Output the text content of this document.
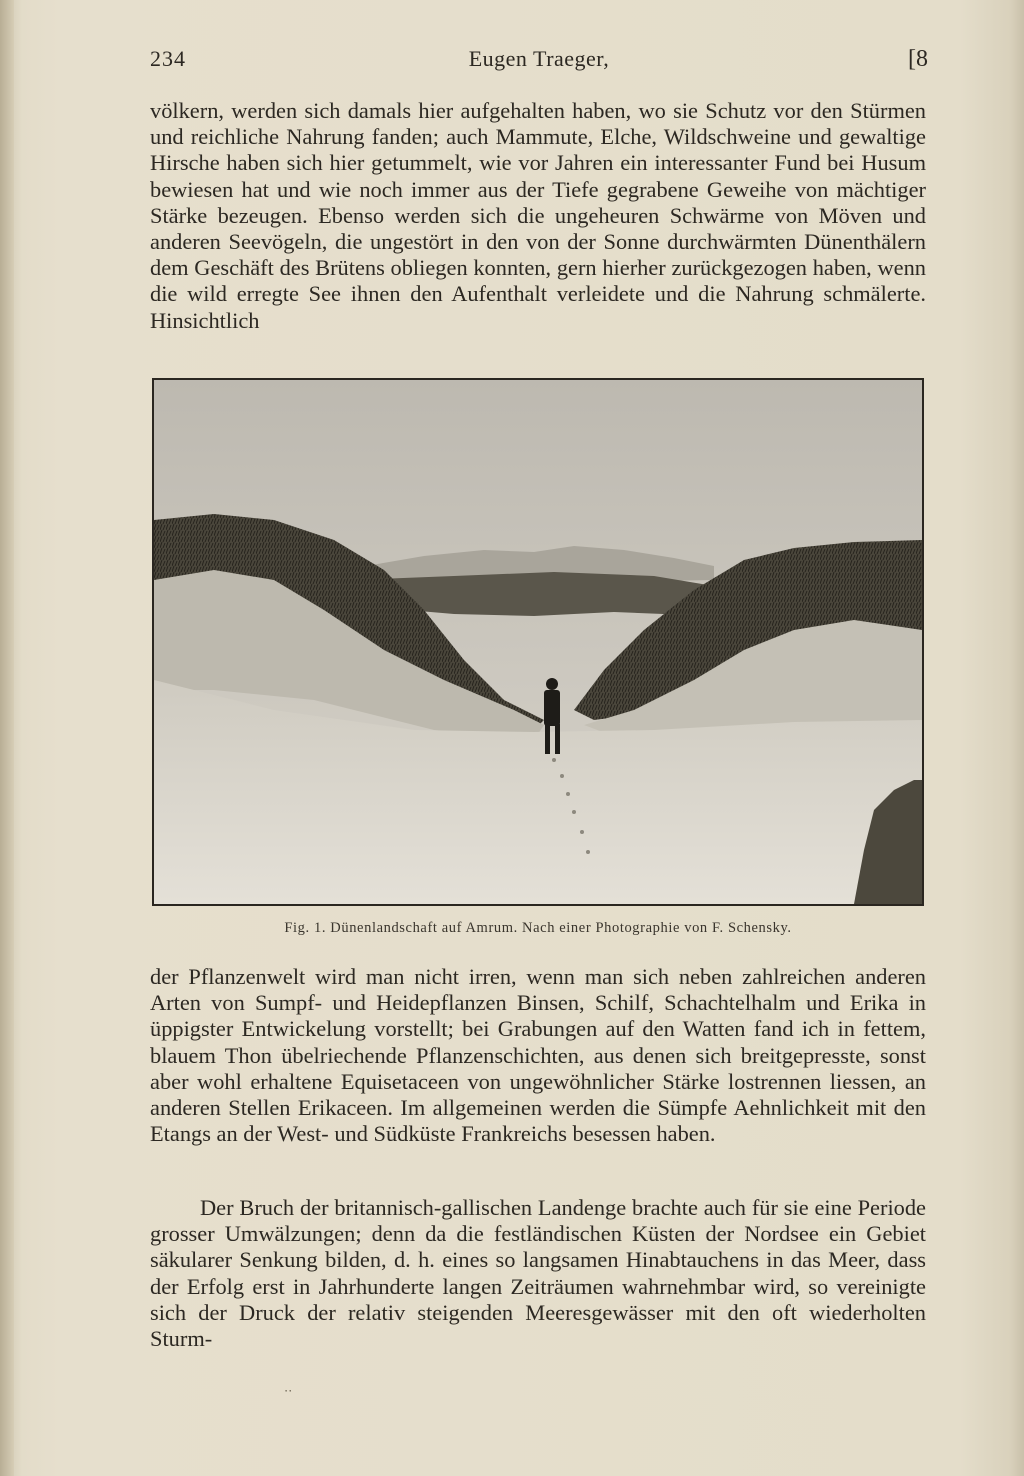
Eugen Traeger,
234	[8

völkern, werden sich damals hier aufgehalten haben, wo sie Schutz vor den Stürmen und reichliche Nahrung fanden; auch Mammute, Elche, Wildschweine und gewaltige Hirsche haben sich hier getummelt, wie vor Jahren ein interessanter Fund bei Husum bewiesen hat und wie noch immer aus der Tiefe gegrabene Geweihe von mächtiger Stärke bezeugen. Ebenso werden sich die ungeheuren Schwärme von Möven und anderen Seevögeln, die ungestört in den von der Sonne durchwärmten Dünenthälern dem Geschäft des Brütens obliegen konnten, gern hierher zurückgezogen haben, wenn die wild erregte See ihnen den Aufenthalt verleidete und die Nahrung schmälerte. Hinsichtlich

Fig. 1. Dünenlandschaft auf Amrum. Nach einer Photographie von F. Schensky.

der Pflanzenwelt wird man nicht irren, wenn man sich neben zahlreichen anderen Arten von Sumpf- und Heidepflanzen Binsen, Schilf, Schachtelhalm und Erika in üppigster Entwickelung vorstellt; bei Grabungen auf den Watten fand ich in fettem, blauem Thon übelriechende Pflanzenschichten, aus denen sich breitgepresste, sonst aber wohl erhaltene Equisetaceen von ungewöhnlicher Stärke lostrennen liessen, an anderen Stellen Erikaceen. Im allgemeinen werden die Sümpfe Aehnlichkeit mit den Etangs an der West- und Südküste Frankreichs besessen haben.

Der Bruch der britannisch-gallischen Landenge brachte auch für sie eine Periode grosser Umwälzungen; denn da die festländischen Küsten der Nordsee ein Gebiet säkularer Senkung bilden, d. h. eines so langsamen Hinabtauchens in das Meer, dass der Erfolg erst in Jahrhunderte langen Zeiträumen wahrnehmbar wird, so vereinigte sich der Druck der relativ steigenden Meeresgewässer mit den oft wiederholten Sturm-

⋅⋅
